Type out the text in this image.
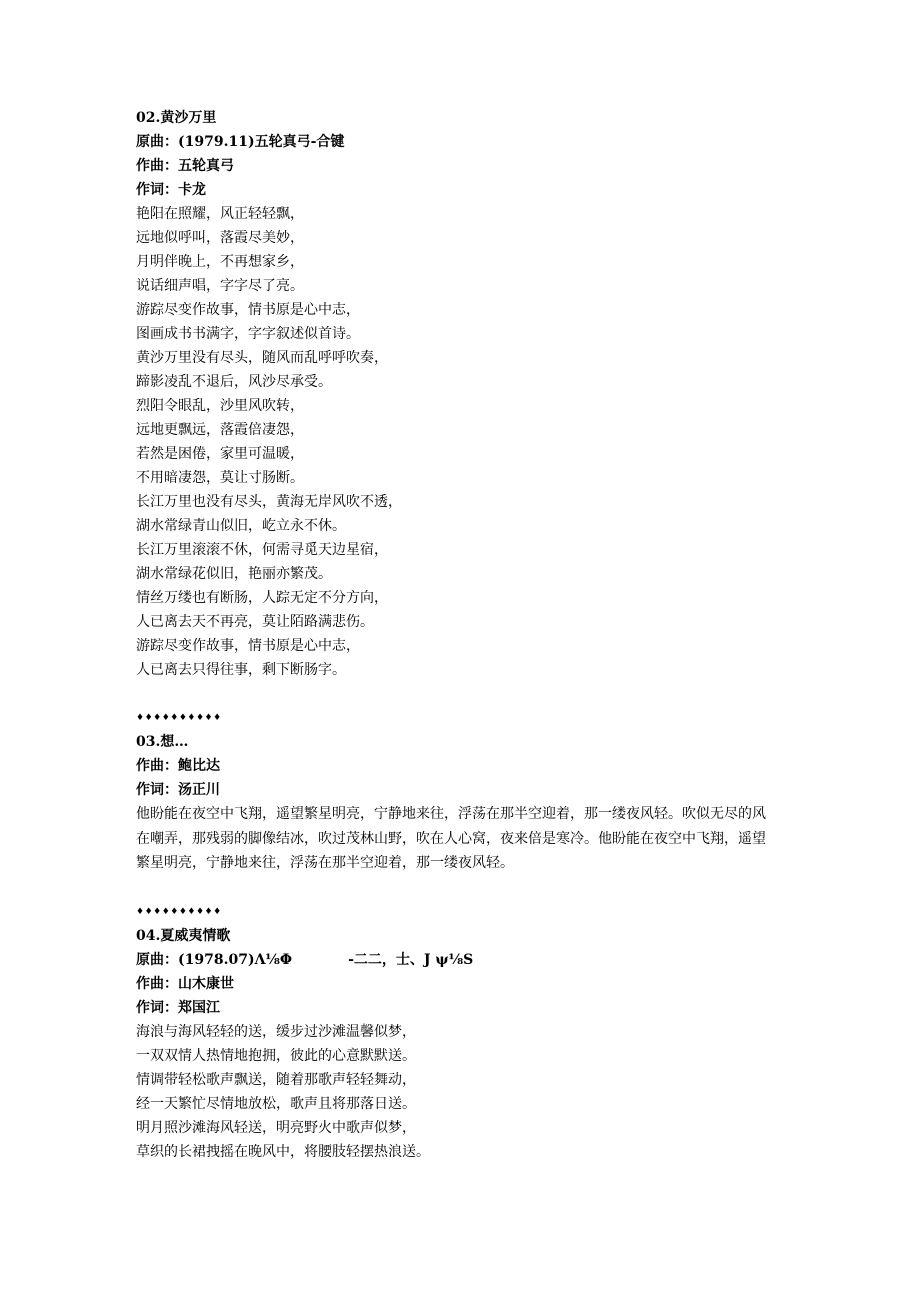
02.黄沙万里
原曲：(1979.11)五轮真弓-合键
作曲：五轮真弓
作词：卡龙
艳阳在照耀，风正轻轻飘，
远地似呼叫，落霞尽美妙，
月明伴晚上，不再想家乡，
说话细声唱，字字尽了亮。
游踪尽变作故事，情书原是心中志，
图画成书书满字，字字叙述似首诗。
黄沙万里没有尽头，随风而乱呼呼吹奏，
蹄影凌乱不退后，风沙尽承受。
烈阳令眼乱，沙里风吹转，
远地更飘远，落霞倍凄怨，
若然是困倦，家里可温暖，
不用暗凄怨，莫让寸肠断。
长江万里也没有尽头，黄海无岸风吹不透，
湖水常绿青山似旧，屹立永不休。
长江万里滚滚不休，何需寻觅天边星宿，
湖水常绿花似旧，艳丽亦繁茂。
情丝万缕也有断肠，人踪无定不分方向，
人已离去天不再亮，莫让陌路满悲伤。
游踪尽变作故事，情书原是心中志，
人已离去只得往事，剩下断肠字。
♦♦♦♦♦♦♦♦♦♦
03.想…
作曲：鲍比达
作词：汤正川
他盼能在夜空中飞翔，遥望繁星明亮，宁静地来往，浮荡在那半空迎着，那一缕夜风轻。吹似无尽的风在嘲弄，那残弱的脚像结冰，吹过茂林山野，吹在人心窝，夜来倍是寒冷。他盼能在夜空中飞翔，遥望繁星明亮，宁静地来往，浮荡在那半空迎着，那一缕夜风轻。
♦♦♦♦♦♦♦♦♦♦
04.夏威夷情歌
原曲：(1978.07)Λ⅛Φ　　　　-二二，士、J ψ⅛S
作曲：山木康世
作词：郑国江
海浪与海风轻轻的送，缓步过沙滩温馨似梦，
一双双情人热情地抱拥，彼此的心意默默送。
情调带轻松歌声飘送，随着那歌声轻轻舞动，
经一天繁忙尽情地放松，歌声且将那落日送。
明月照沙滩海风轻送，明亮野火中歌声似梦，
草织的长裙拽摇在晚风中，将腰肢轻摆热浪送。
